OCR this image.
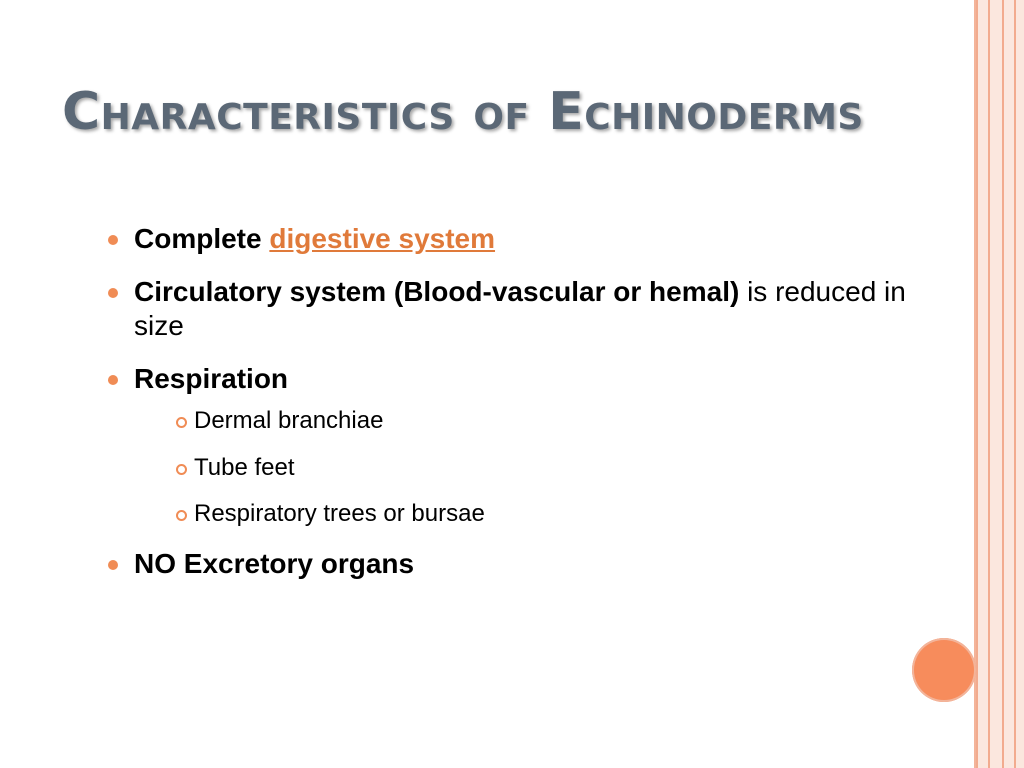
Characteristics of Echinoderms
Complete digestive system
Circulatory system (Blood-vascular or hemal) is reduced in size
Respiration
Dermal branchiae
Tube feet
Respiratory trees or bursae
NO Excretory organs
